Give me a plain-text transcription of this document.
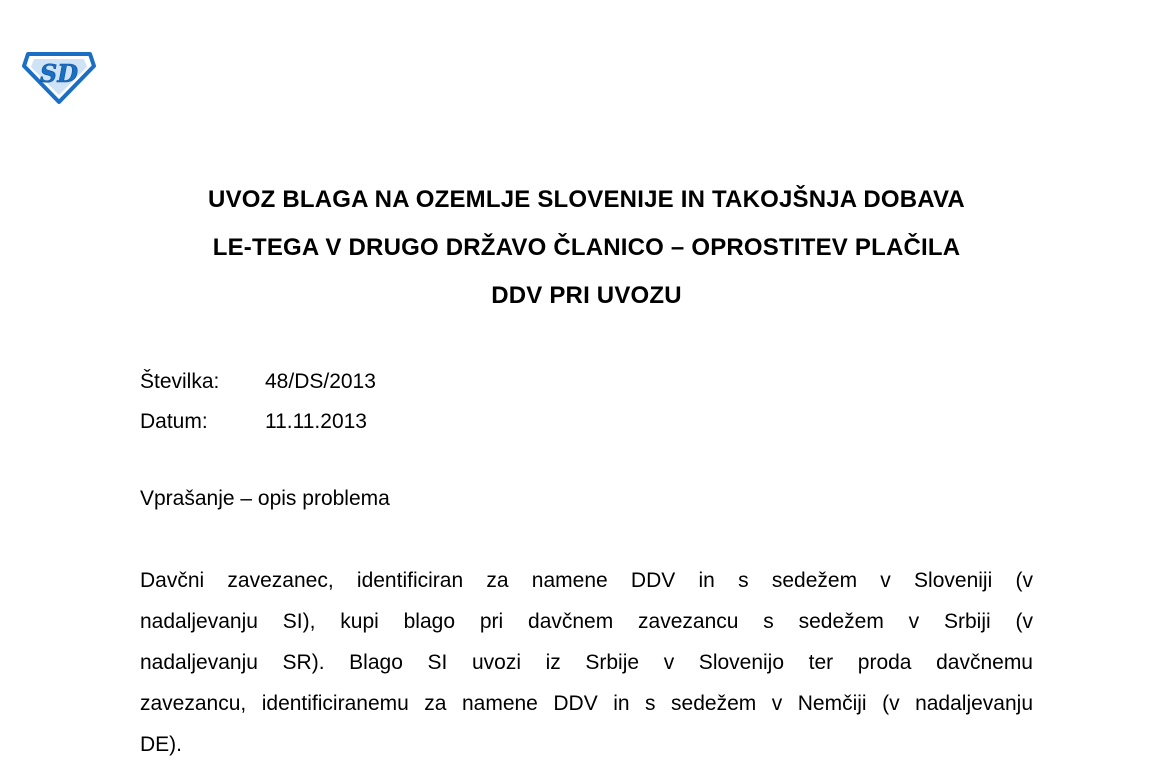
SD
UVOZ BLAGA NA OZEMLJE SLOVENIJE IN TAKOJŠNJA DOBAVA
LE-TEGA V DRUGO DRŽAVO ČLANICO – OPROSTITEV PLAČILA
DDV PRI UVOZU
Številka:	48/DS/2013
Datum:	11.11.2013
Vprašanje – opis problema
Davčni zavezanec, identificiran za namene DDV in s sedežem v Sloveniji (v
nadaljevanju SI), kupi blago pri davčnem zavezancu s sedežem v Srbiji (v
nadaljevanju SR). Blago SI uvozi iz Srbije v Slovenijo ter proda davčnemu
zavezancu, identificiranemu za namene DDV in s sedežem v Nemčiji (v nadaljevanju
DE).
